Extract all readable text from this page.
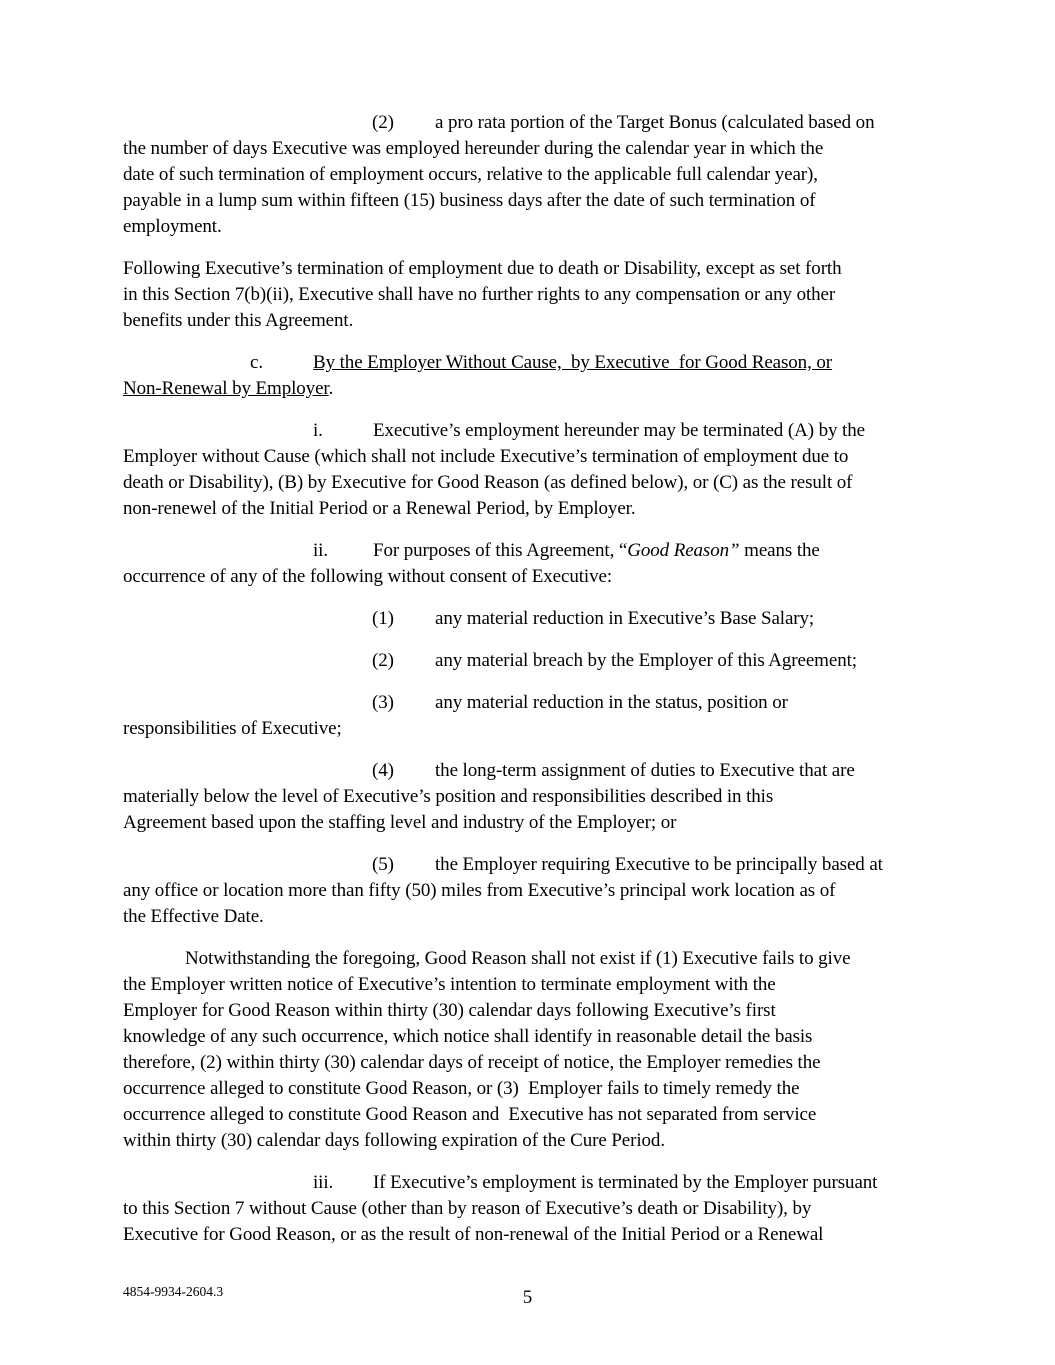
(2) a pro rata portion of the Target Bonus (calculated based on
the number of days Executive was employed hereunder during the calendar year in which the
date of such termination of employment occurs, relative to the applicable full calendar year),
payable in a lump sum within fifteen (15) business days after the date of such termination of
employment.
Following Executive’s termination of employment due to death or Disability, except as set forth
in this Section 7(b)(ii), Executive shall have no further rights to any compensation or any other
benefits under this Agreement.
c.	By the Employer Without Cause,  by Executive  for Good Reason, or
Non-Renewal by Employer.
i.	Executive’s employment hereunder may be terminated (A) by the
Employer without Cause (which shall not include Executive’s termination of employment due to
death or Disability), (B) by Executive for Good Reason (as defined below), or (C) as the result of
non-renewel of the Initial Period or a Renewal Period, by Employer.
ii. For purposes of this Agreement, “Good Reason” means the
occurrence of any of the following without consent of Executive:
(1) any material reduction in Executive’s Base Salary;
(2) any material breach by the Employer of this Agreement;
(3) any material reduction in the status, position or
responsibilities of Executive;
(4) the long-term assignment of duties to Executive that are
materially below the level of Executive’s position and responsibilities described in this
Agreement based upon the staffing level and industry of the Employer; or
(5) the Employer requiring Executive to be principally based at
any office or location more than fifty (50) miles from Executive’s principal work location as of
the Effective Date.
Notwithstanding the foregoing, Good Reason shall not exist if (1) Executive fails to give
the Employer written notice of Executive’s intention to terminate employment with the
Employer for Good Reason within thirty (30) calendar days following Executive’s first
knowledge of any such occurrence, which notice shall identify in reasonable detail the basis
therefore, (2) within thirty (30) calendar days of receipt of notice, the Employer remedies the
occurrence alleged to constitute Good Reason, or (3)  Employer fails to timely remedy the
occurrence alleged to constitute Good Reason and  Executive has not separated from service
within thirty (30) calendar days following expiration of the Cure Period.
iii. If Executive’s employment is terminated by the Employer pursuant
to this Section 7 without Cause (other than by reason of Executive’s death or Disability), by
Executive for Good Reason, or as the result of non-renewal of the Initial Period or a Renewal
4854-9934-2604.3	5
